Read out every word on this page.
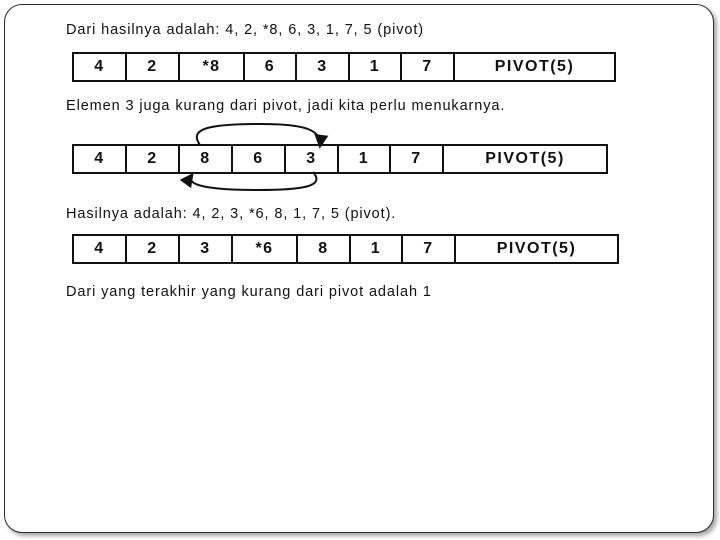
Dari hasilnya adalah: 4, 2, *8, 6, 3, 1, 7, 5 (pivot)
4	2	*8	6	3	1	7	PIVOT(5)
Elemen 3 juga kurang dari pivot, jadi kita perlu menukarnya.
4	2	8	6	3	1	7	PIVOT(5)
Hasilnya adalah: 4, 2, 3, *6, 8, 1, 7, 5 (pivot).
4	2	3	*6	8	1	7	PIVOT(5)
Dari yang terakhir yang kurang dari pivot adalah 1
